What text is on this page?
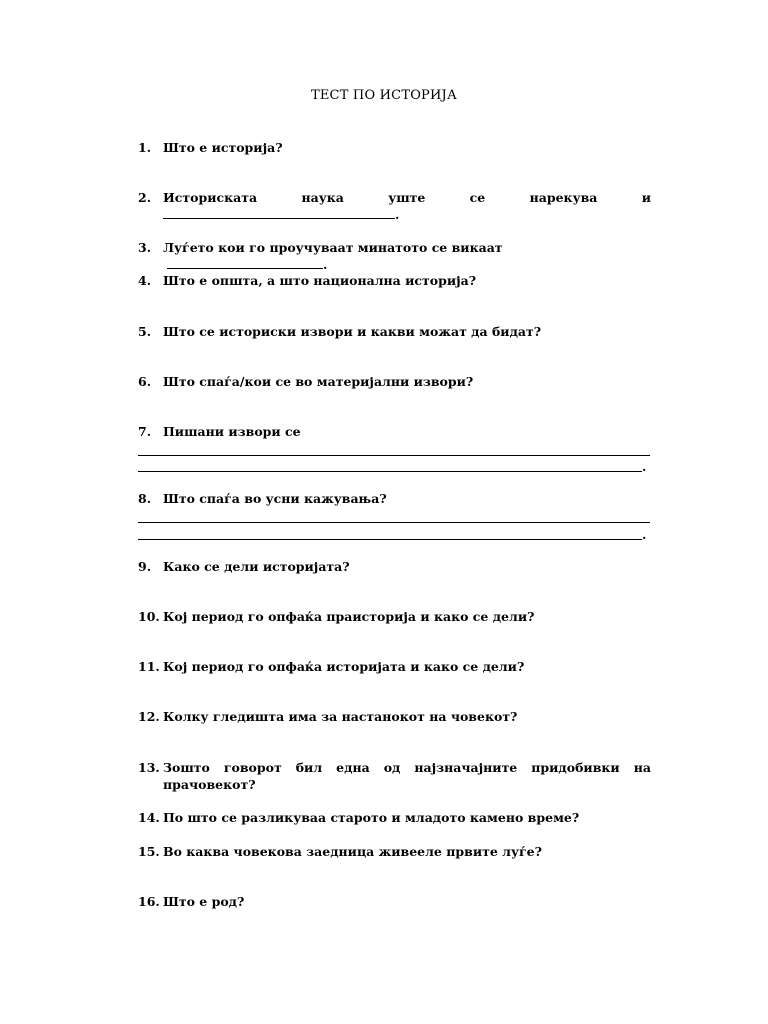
ТЕСТ ПО ИСТОРИЈА
1. Што е историја?
2. Историската	наука	уште	се	нарекува	и
.
3. Луѓето кои го проучуваат минатото се викаат .
4. Што е општа, а што национална историја?
5. Што се историски извори и какви можат да бидат?
6. Што спаѓа/кои се во материјални извори?
7. Пишани извори се
.
8. Што спаѓа во усни кажувања?
.
9. Како се дели историјата?
10. Кој период го опфаќа праисторија и како се дели?
11. Кој период го опфаќа историјата и како се дели?
12. Колку гледишта има за настанокот на човекот?
13. Зошто говорот бил една од најзначајните придобивки на
прачовекот?
14. По што се разликуваа старото и младото камено време?
15. Во каква човекова заедница живееле првите луѓе?
16. Што е род?
